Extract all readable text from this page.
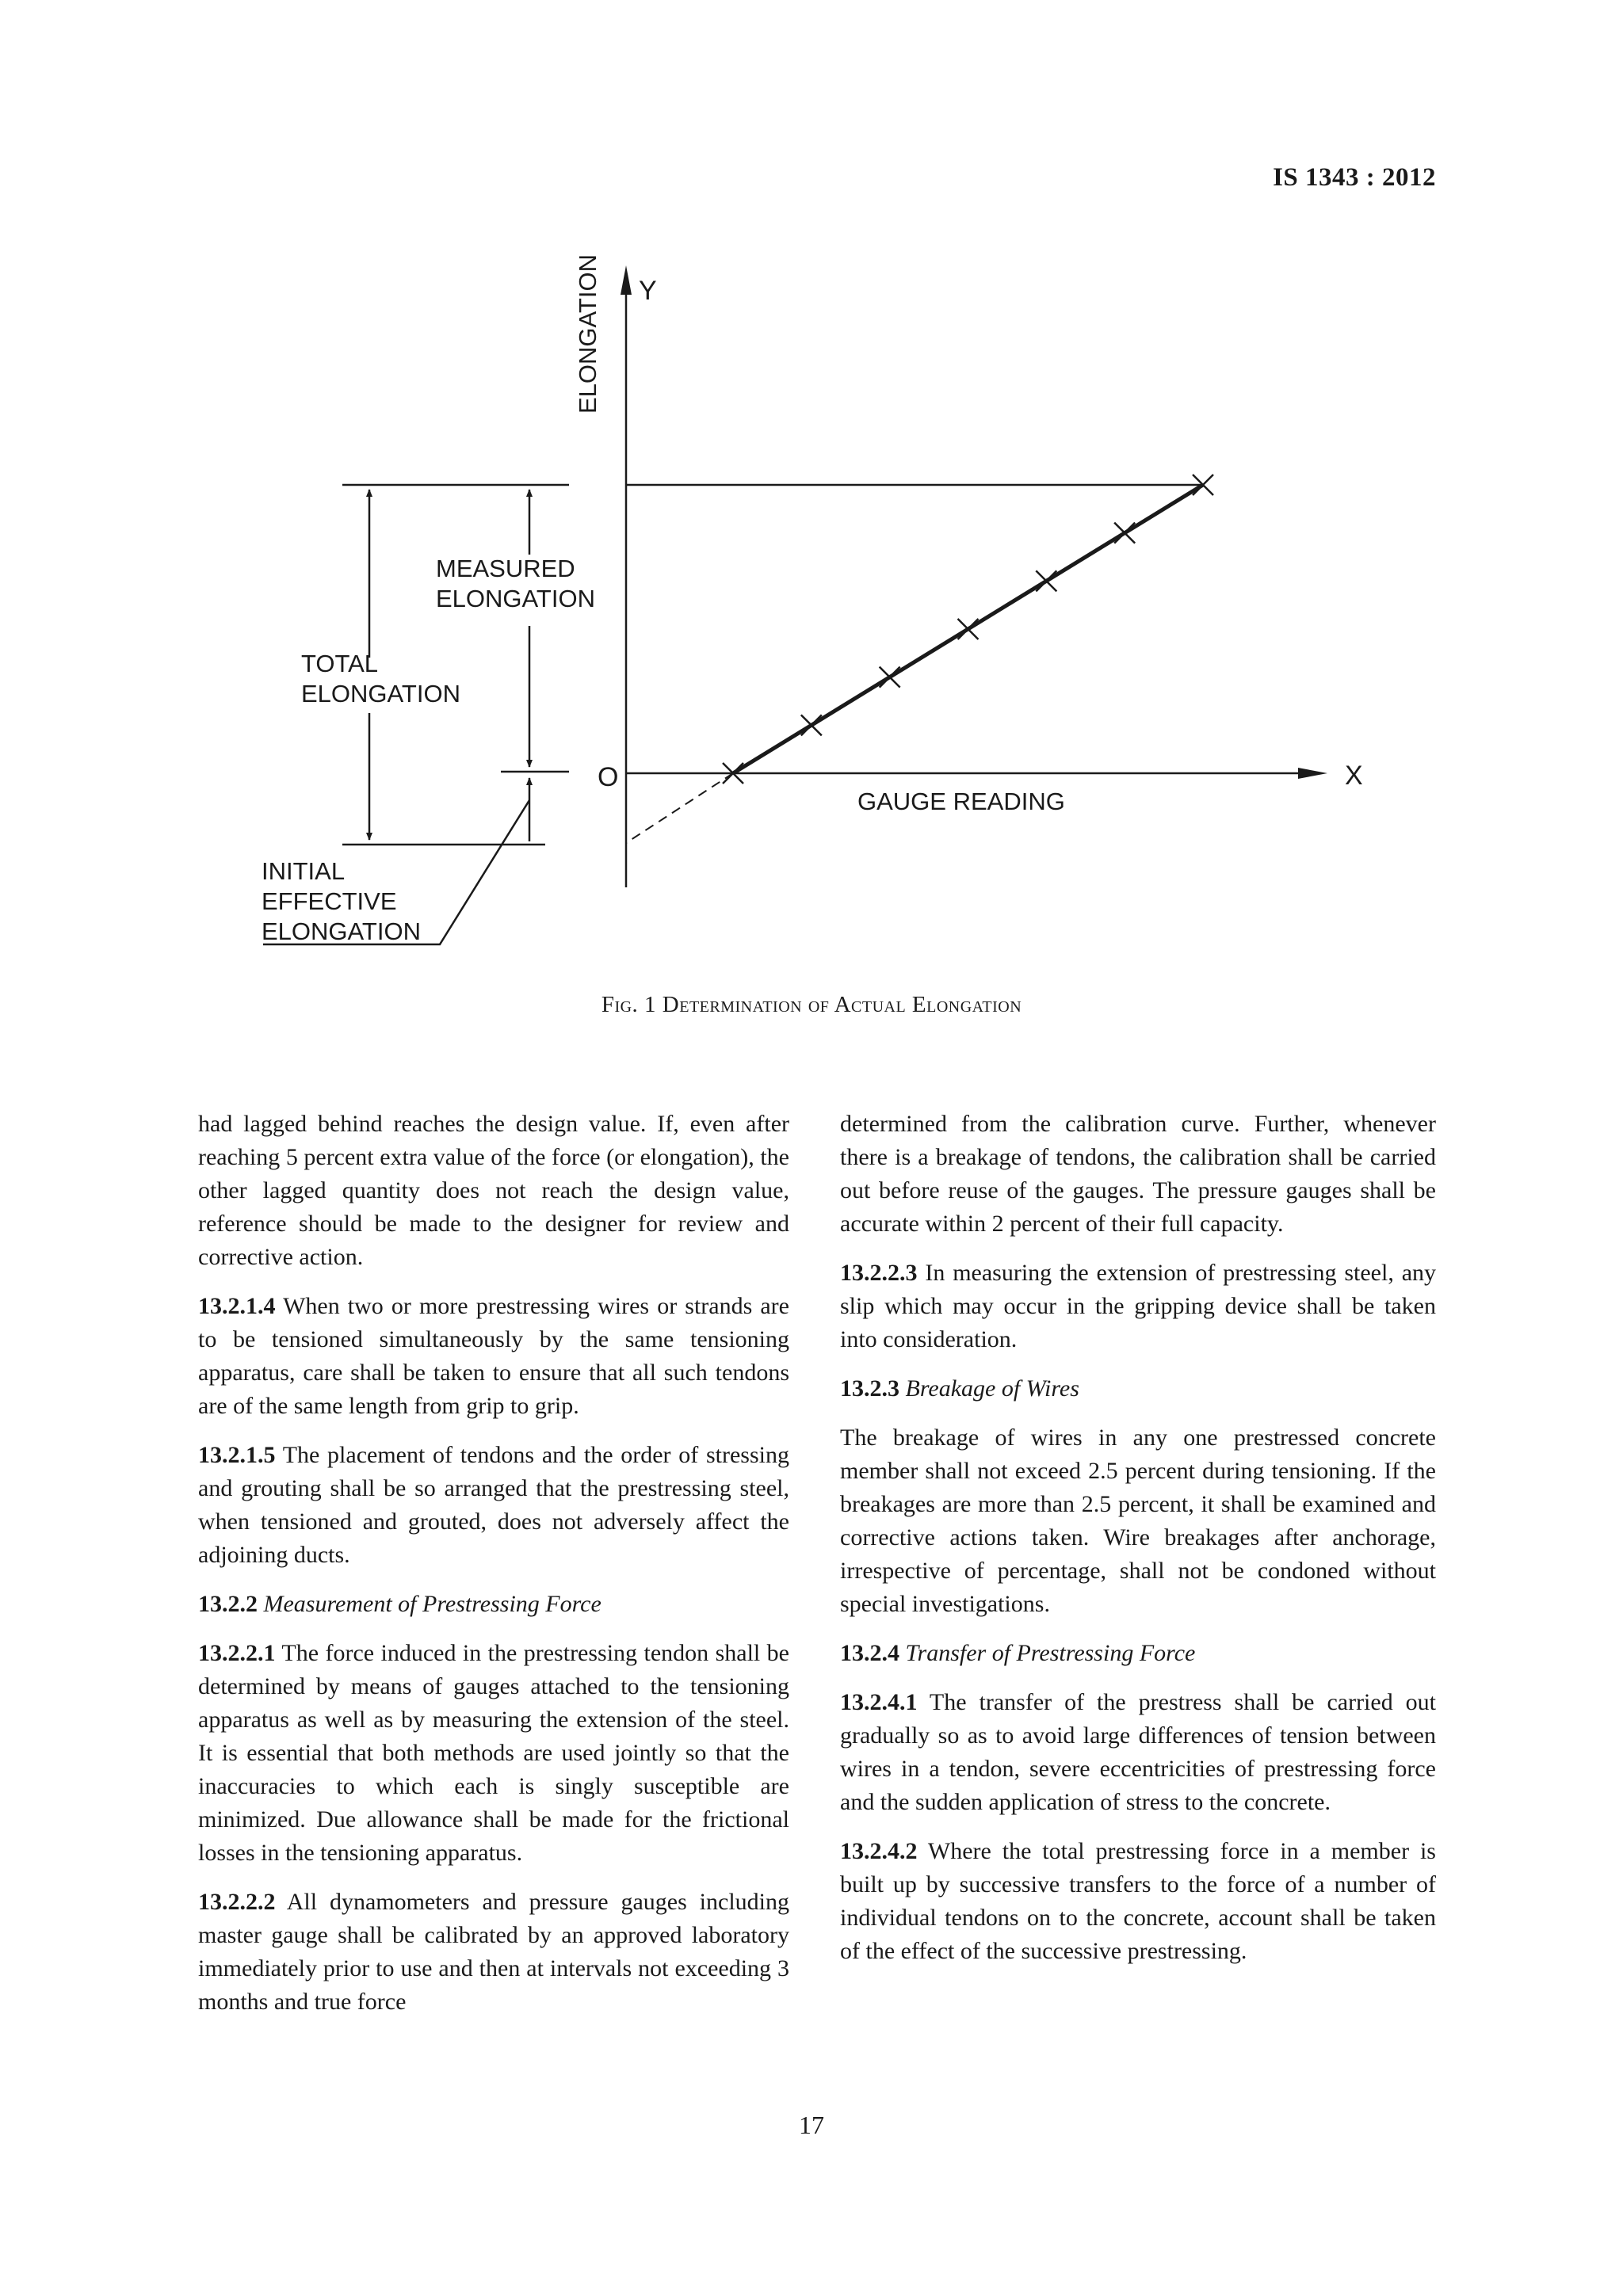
IS 1343 : 2012
ELONGATION Y
X
O
GAUGE READING
MEASURED
ELONGATION
TOTAL
ELONGATION
INITIAL
EFFECTIVE
ELONGATION
Fig. 1 Determination of Actual Elongation

had lagged behind reaches the design value. If, even after reaching 5 percent extra value of the force (or elongation), the other lagged quantity does not reach the design value, reference should be made to the designer for review and corrective action.

13.2.1.4 When two or more prestressing wires or strands are to be tensioned simultaneously by the same tensioning apparatus, care shall be taken to ensure that all such tendons are of the same length from grip to grip.

13.2.1.5 The placement of tendons and the order of stressing and grouting shall be so arranged that the prestressing steel, when tensioned and grouted, does not adversely affect the adjoining ducts.

13.2.2 Measurement of Prestressing Force

13.2.2.1 The force induced in the prestressing tendon shall be determined by means of gauges attached to the tensioning apparatus as well as by measuring the extension of the steel. It is essential that both methods are used jointly so that the inaccuracies to which each is singly susceptible are minimized. Due allowance shall be made for the frictional losses in the tensioning apparatus.

13.2.2.2 All dynamometers and pressure gauges including master gauge shall be calibrated by an approved laboratory immediately prior to use and then at intervals not exceeding 3 months and true force

determined from the calibration curve. Further, whenever there is a breakage of tendons, the calibration shall be carried out before reuse of the gauges. The pressure gauges shall be accurate within 2 percent of their full capacity.

13.2.2.3 In measuring the extension of prestressing steel, any slip which may occur in the gripping device shall be taken into consideration.

13.2.3 Breakage of Wires

The breakage of wires in any one prestressed concrete member shall not exceed 2.5 percent during tensioning. If the breakages are more than 2.5 percent, it shall be examined and corrective actions taken. Wire breakages after anchorage, irrespective of percentage, shall not be condoned without special investigations.

13.2.4 Transfer of Prestressing Force

13.2.4.1 The transfer of the prestress shall be carried out gradually so as to avoid large differences of tension between wires in a tendon, severe eccentricities of prestressing force and the sudden application of stress to the concrete.

13.2.4.2 Where the total prestressing force in a member is built up by successive transfers to the force of a number of individual tendons on to the concrete, account shall be taken of the effect of the successive prestressing.

17
